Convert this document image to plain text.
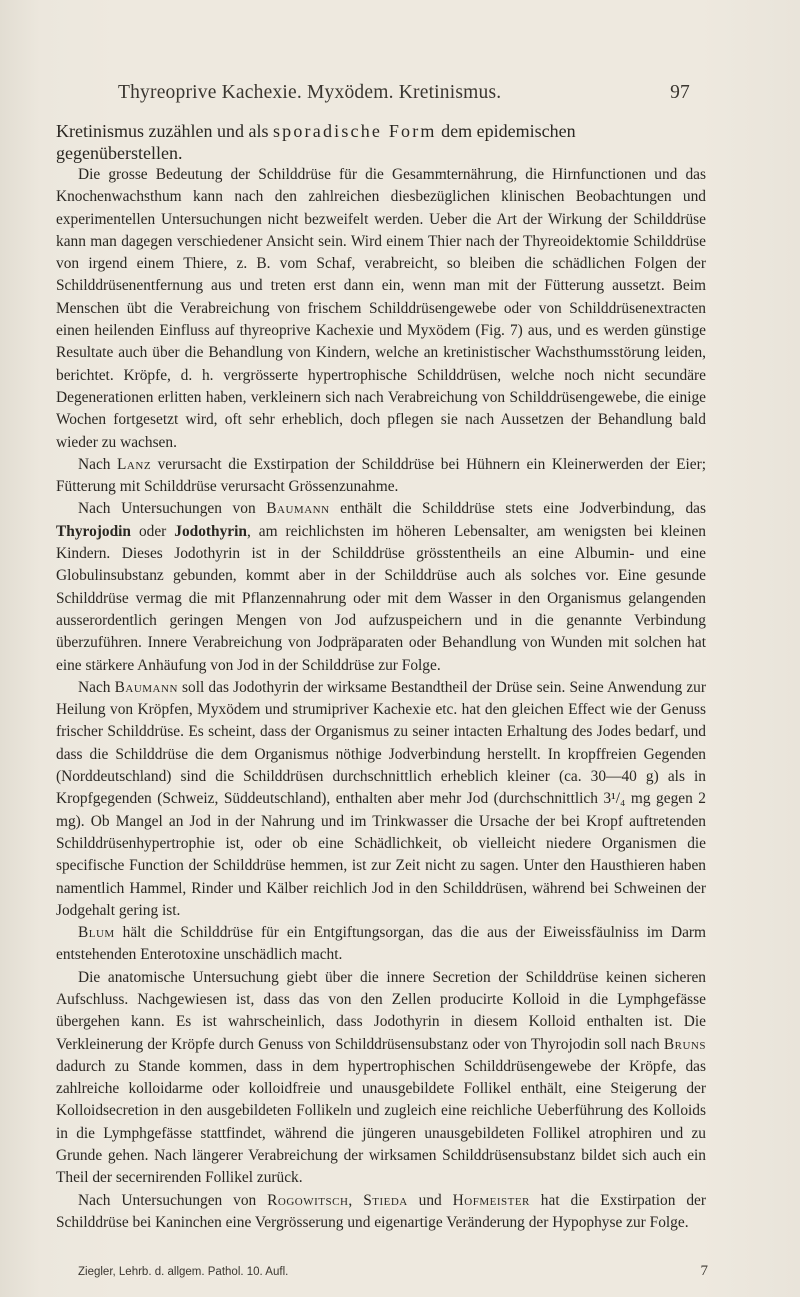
Thyreoprive Kachexie. Myxödem. Kretinismus.	97

Kretinismus zuzählen und als sporadische Form dem epidemischen gegenüberstellen.

Die grosse Bedeutung der Schilddrüse für die Gesammternährung, die Hirnfunctionen und das Knochenwachsthum kann nach den zahlreichen diesbezüglichen klinischen Beobachtungen und experimentellen Untersuchungen nicht bezweifelt werden. Ueber die Art der Wirkung der Schilddrüse kann man dagegen verschiedener Ansicht sein. Wird einem Thier nach der Thyreoidektomie Schilddrüse von irgend einem Thiere, z. B. vom Schaf, verabreicht, so bleiben die schädlichen Folgen der Schilddrüsenentfernung aus und treten erst dann ein, wenn man mit der Fütterung aussetzt. Beim Menschen übt die Verabreichung von frischem Schilddrüsengewebe oder von Schilddrüsenextracten einen heilenden Einfluss auf thyreoprive Kachexie und Myxödem (Fig. 7) aus, und es werden günstige Resultate auch über die Behandlung von Kindern, welche an kretinistischer Wachsthumsstörung leiden, berichtet. Kröpfe, d. h. vergrösserte hypertrophische Schilddrüsen, welche noch nicht secundäre Degenerationen erlitten haben, verkleinern sich nach Verabreichung von Schilddrüsengewebe, die einige Wochen fortgesetzt wird, oft sehr erheblich, doch pflegen sie nach Aussetzen der Behandlung bald wieder zu wachsen.

Nach Lanz verursacht die Exstirpation der Schilddrüse bei Hühnern ein Kleinerwerden der Eier; Fütterung mit Schilddrüse verursacht Grössenzunahme.

Nach Untersuchungen von Baumann enthält die Schilddrüse stets eine Jodverbindung, das Thyrojodin oder Jodothyrin, am reichlichsten im höheren Lebensalter, am wenigsten bei kleinen Kindern. Dieses Jodothyrin ist in der Schilddrüse grösstentheils an eine Albumin- und eine Globulinsubstanz gebunden, kommt aber in der Schilddrüse auch als solches vor. Eine gesunde Schilddrüse vermag die mit Pflanzennahrung oder mit dem Wasser in den Organismus gelangenden ausserordentlich geringen Mengen von Jod aufzuspeichern und in die genannte Verbindung überzuführen. Innere Verabreichung von Jodpräparaten oder Behandlung von Wunden mit solchen hat eine stärkere Anhäufung von Jod in der Schilddrüse zur Folge.

Nach Baumann soll das Jodothyrin der wirksame Bestandtheil der Drüse sein. Seine Anwendung zur Heilung von Kröpfen, Myxödem und strumipriver Kachexie etc. hat den gleichen Effect wie der Genuss frischer Schilddrüse. Es scheint, dass der Organismus zu seiner intacten Erhaltung des Jodes bedarf, und dass die Schilddrüse die dem Organismus nöthige Jodverbindung herstellt. In kropffreien Gegenden (Norddeutschland) sind die Schilddrüsen durchschnittlich erheblich kleiner (ca. 30—40 g) als in Kropfgegenden (Schweiz, Süddeutschland), enthalten aber mehr Jod (durchschnittlich 3¹/₄ mg gegen 2 mg). Ob Mangel an Jod in der Nahrung und im Trinkwasser die Ursache der bei Kropf auftretenden Schilddrüsenhypertrophie ist, oder ob eine Schädlichkeit, ob vielleicht niedere Organismen die specifische Function der Schilddrüse hemmen, ist zur Zeit nicht zu sagen. Unter den Hausthieren haben namentlich Hammel, Rinder und Kälber reichlich Jod in den Schilddrüsen, während bei Schweinen der Jodgehalt gering ist.

Blum hält die Schilddrüse für ein Entgiftungsorgan, das die aus der Eiweissfäulniss im Darm entstehenden Enterotoxine unschädlich macht.

Die anatomische Untersuchung giebt über die innere Secretion der Schilddrüse keinen sicheren Aufschluss. Nachgewiesen ist, dass das von den Zellen producirte Kolloid in die Lymphgefässe übergehen kann. Es ist wahrscheinlich, dass Jodothyrin in diesem Kolloid enthalten ist. Die Verkleinerung der Kröpfe durch Genuss von Schilddrüsensubstanz oder von Thyrojodin soll nach Bruns dadurch zu Stande kommen, dass in dem hypertrophischen Schilddrüsengewebe der Kröpfe, das zahlreiche kolloidarme oder kolloidfreie und unausgebildete Follikel enthält, eine Steigerung der Kolloidsecretion in den ausgebildeten Follikeln und zugleich eine reichliche Ueberführung des Kolloids in die Lymphgefässe stattfindet, während die jüngeren unausgebildeten Follikel atrophiren und zu Grunde gehen. Nach längerer Verabreichung der wirksamen Schilddrüsensubstanz bildet sich auch ein Theil der secernirenden Follikel zurück.

Nach Untersuchungen von Rogowitsch, Stieda und Hofmeister hat die Exstirpation der Schilddrüse bei Kaninchen eine Vergrösserung und eigenartige Veränderung der Hypophyse zur Folge.

Ziegler, Lehrb. d. allgem. Pathol. 10. Aufl.	7
